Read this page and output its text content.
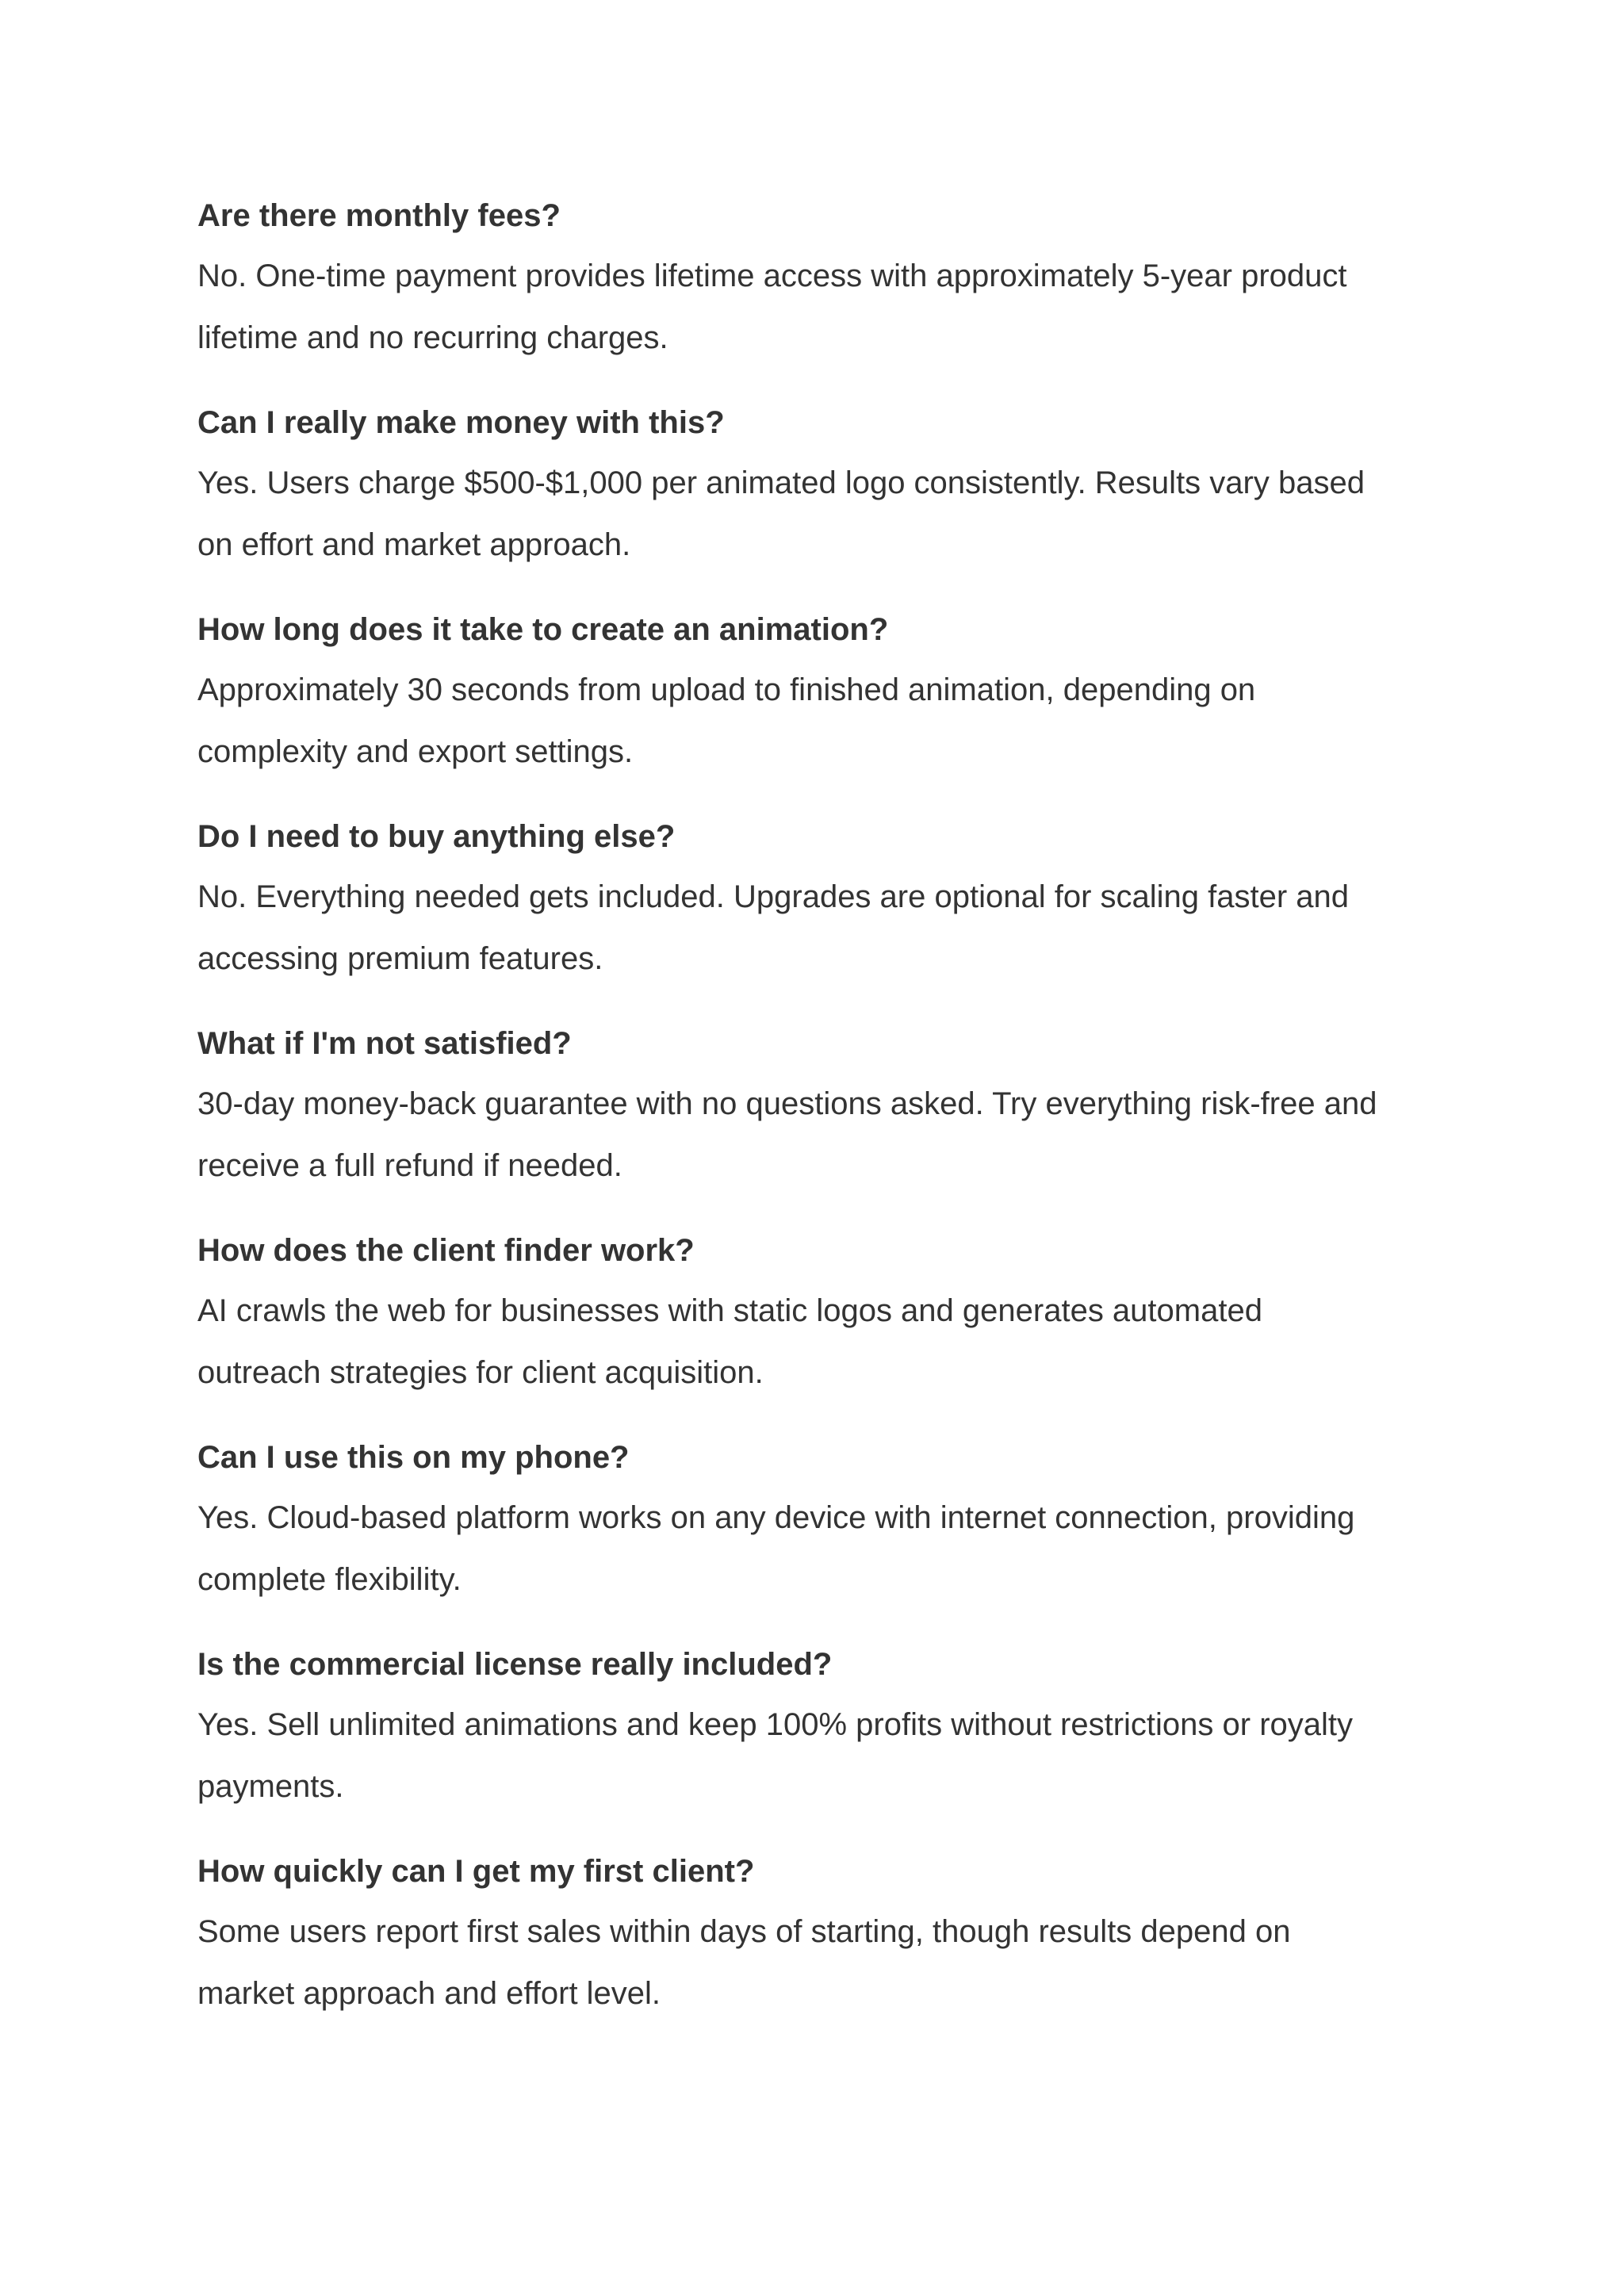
Are there monthly fees?
No. One-time payment provides lifetime access with approximately 5-year product
lifetime and no recurring charges.
Can I really make money with this?
Yes. Users charge $500-$1,000 per animated logo consistently. Results vary based
on effort and market approach.
How long does it take to create an animation?
Approximately 30 seconds from upload to finished animation, depending on
complexity and export settings.
Do I need to buy anything else?
No. Everything needed gets included. Upgrades are optional for scaling faster and
accessing premium features.
What if I'm not satisfied?
30-day money-back guarantee with no questions asked. Try everything risk-free and
receive a full refund if needed.
How does the client finder work?
AI crawls the web for businesses with static logos and generates automated
outreach strategies for client acquisition.
Can I use this on my phone?
Yes. Cloud-based platform works on any device with internet connection, providing
complete flexibility.
Is the commercial license really included?
Yes. Sell unlimited animations and keep 100% profits without restrictions or royalty
payments.
How quickly can I get my first client?
Some users report first sales within days of starting, though results depend on
market approach and effort level.
